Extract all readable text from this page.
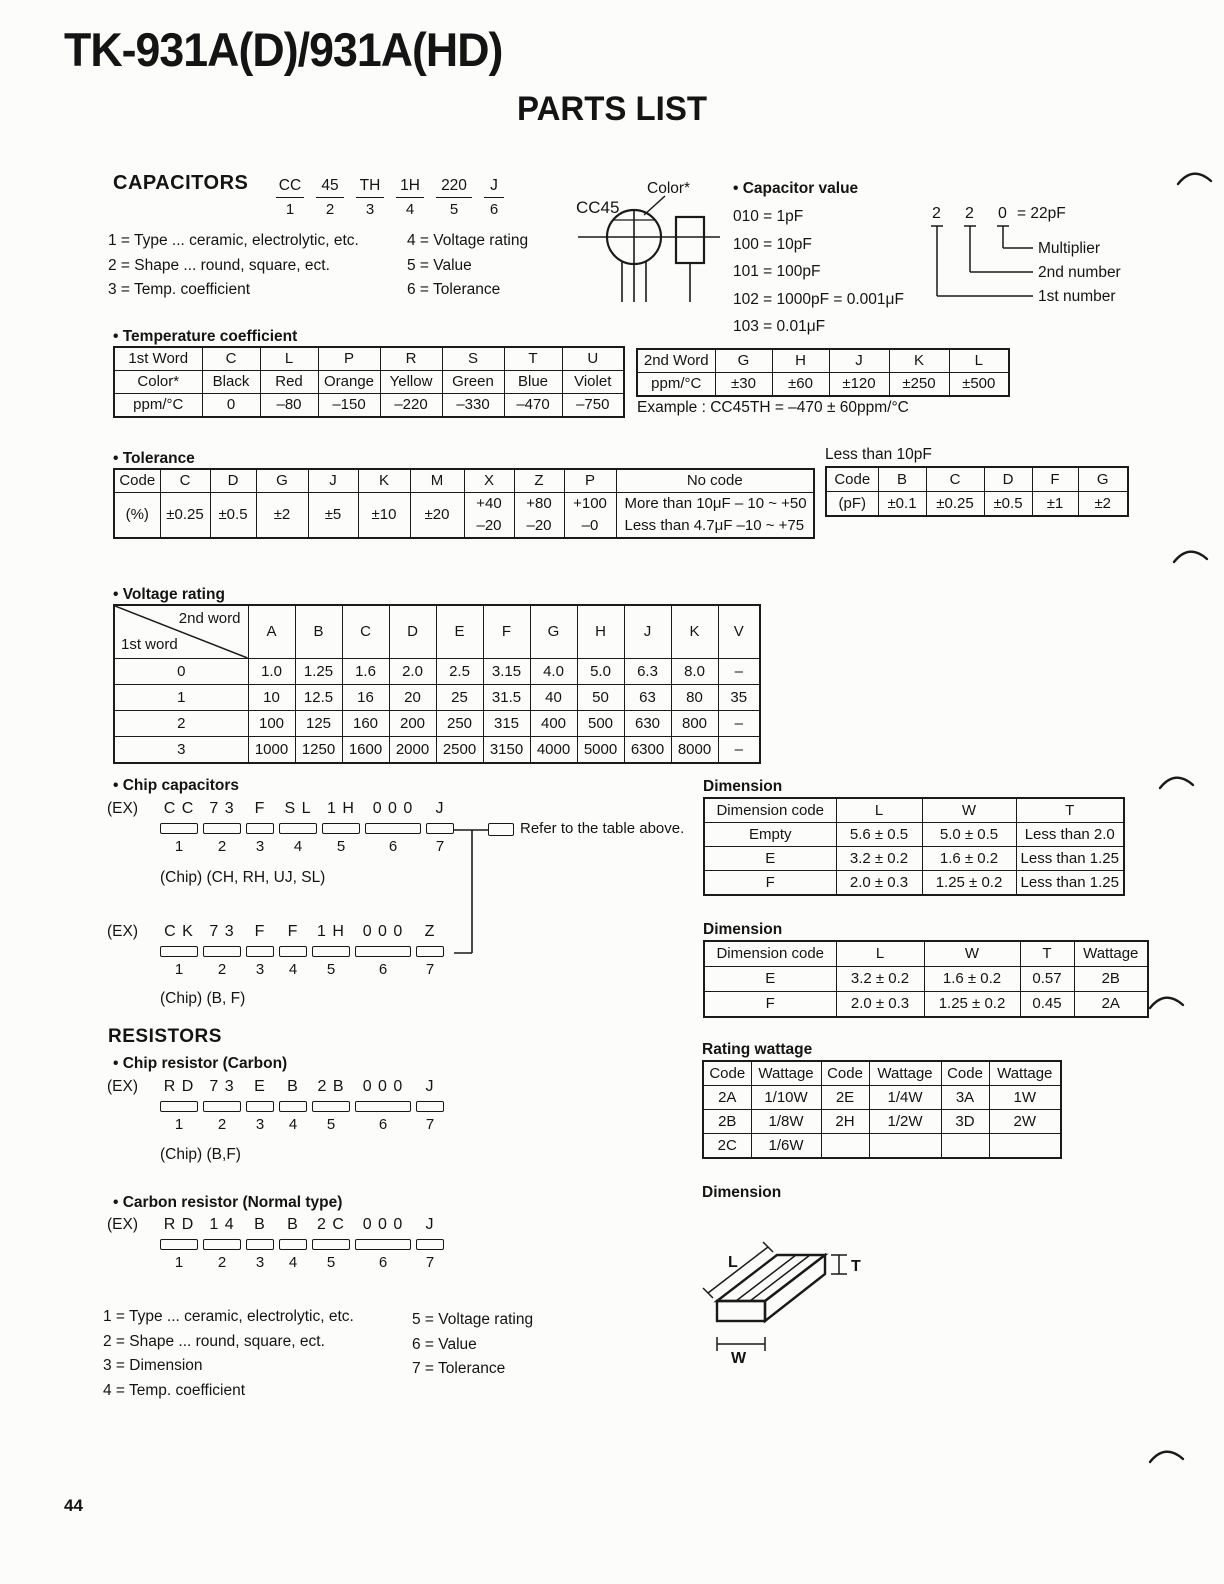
TK-931A(D)/931A(HD)
PARTS LIST
CAPACITORS CC
1
45
2
TH
3
1H
4
220
5
J
6
1 = Type ... ceramic, electrolytic, etc.
2 = Shape ... round, square, ect.
3 = Temp. coefficient
4 = Voltage rating
5 = Value
6 = Tolerance
CC45
Color*	• Capacitor value
010 = 1pF
100 = 10pF
101 = 100pF
102 = 1000pF = 0.001μF
103 = 0.01μF
2 2 0 = 22pF
Multiplier
2nd number
1st number
• Temperature coefficient
1st Word	C	L	P	R	S	T	U
Color*	Black	Red	Orange	Yellow	Green	Blue	Violet
ppm/°C	0	–80	–150	–220	–330	–470	–750
2nd Word	G	H	J	K	L
ppm/°C	±30	±60	±120	±250	±500
Example : CC45TH = –470 ± 60ppm/°C
• Tolerance
Code	C	D	G	J	K	M	X	Z	P	No code
(%)	±0.25	±0.5	±2	±5	±10	±20	+40	+80	+100	More than 10μF – 10 ~ +50
							–20	–20	–0	Less than 4.7μF –10 ~ +75
Less than 10pF
Code	B	C	D	F	G
(pF)	±0.1	±0.25	±0.5	±1	±2
• Voltage rating
2nd word
1st word	A	B	C	D	E	F	G	H	J	K	V
0	1.0	1.25	1.6	2.0	2.5	3.15	4.0	5.0	6.3	8.0	–
1	10	12.5	16	20	25	31.5	40	50	63	80	35
2	100	125	160	200	250	315	400	500	630	800	–
3	1000	1250	1600	2000	2500	3150	4000	5000	6300	8000	–
• Chip capacitors
(EX) C C
1
7 3
2
F
3
S L
4
1 H
5
0 0 0
6
J
7
(Chip) (CH, RH, UJ, SL)
(EX) C K
1
7 3
2
F
3
F
4
1 H
5
0 0 0
6
Z
7
(Chip) (B, F)
Refer to the table above.
Dimension
Dimension code	L	W	T
Empty	5.6 ± 0.5	5.0 ± 0.5	Less than 2.0
E	3.2 ± 0.2	1.6 ± 0.2	Less than 1.25
F	2.0 ± 0.3	1.25 ± 0.2	Less than 1.25
Dimension
Dimension code	L	W	T	Wattage
E	3.2 ± 0.2	1.6 ± 0.2	0.57	2B
F	2.0 ± 0.3	1.25 ± 0.2	0.45	2A
RESISTORS
• Chip resistor (Carbon)
(EX) R D
1
7 3
2
E
3
B
4
2 B
5
0 0 0
6
J
7
(Chip) (B,F)
• Carbon resistor (Normal type)
(EX) R D
1
1 4
2
B
3
B
4
2 C
5
0 0 0
6
J
7
1 = Type ... ceramic, electrolytic, etc.
2 = Shape ... round, square, ect.
3 = Dimension
4 = Temp. coefficient
5 = Voltage rating
6 = Value
7 = Tolerance
Rating wattage
Code	Wattage	Code	Wattage	Code	Wattage
2A	1/10W	2E	1/4W	3A	1W
2B	1/8W	2H	1/2W	3D	2W
2C	1/6W				
Dimension
L	T
W
44
